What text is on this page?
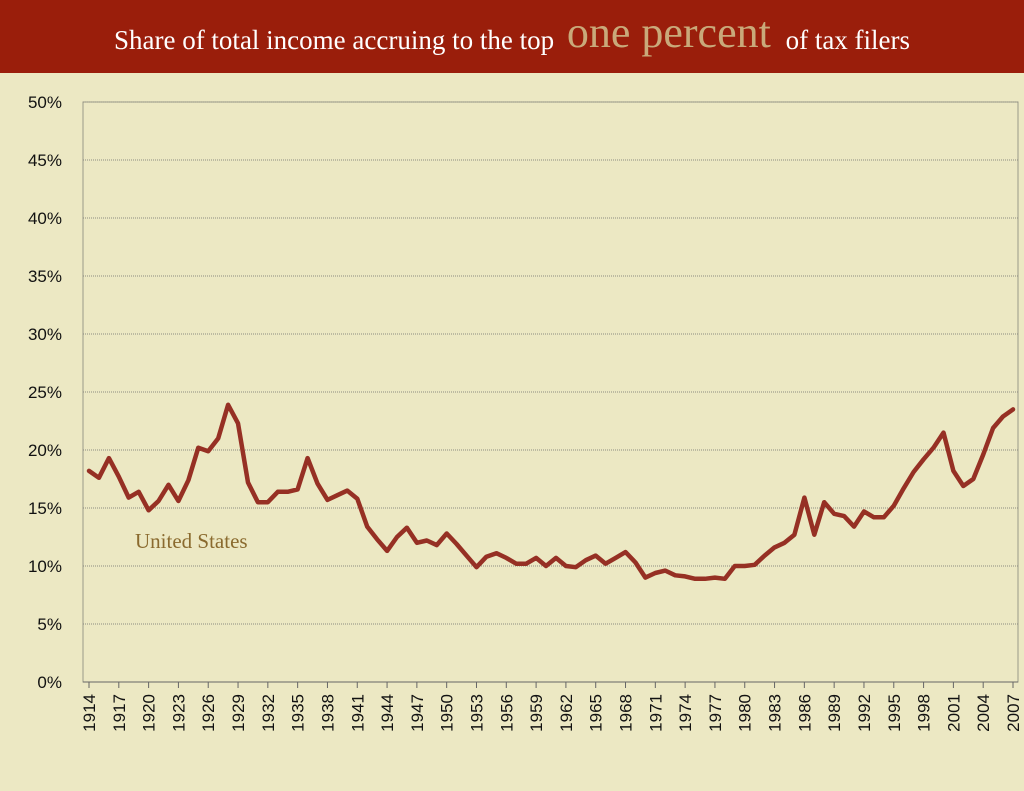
Share of total income accruing to the top one percent of tax filers
0%
5%
10%
15%
20%
25%
30%
35%
40%
45%
50%
1914 1917 1920 1923 1926 1929 1932 1935 1938 1941 1944 1947 1950 1953 1956 1959 1962 1965 1968 1971 1974 1977 1980 1983 1986 1989 1992 1995 1998 2001 2004 2007
United States
